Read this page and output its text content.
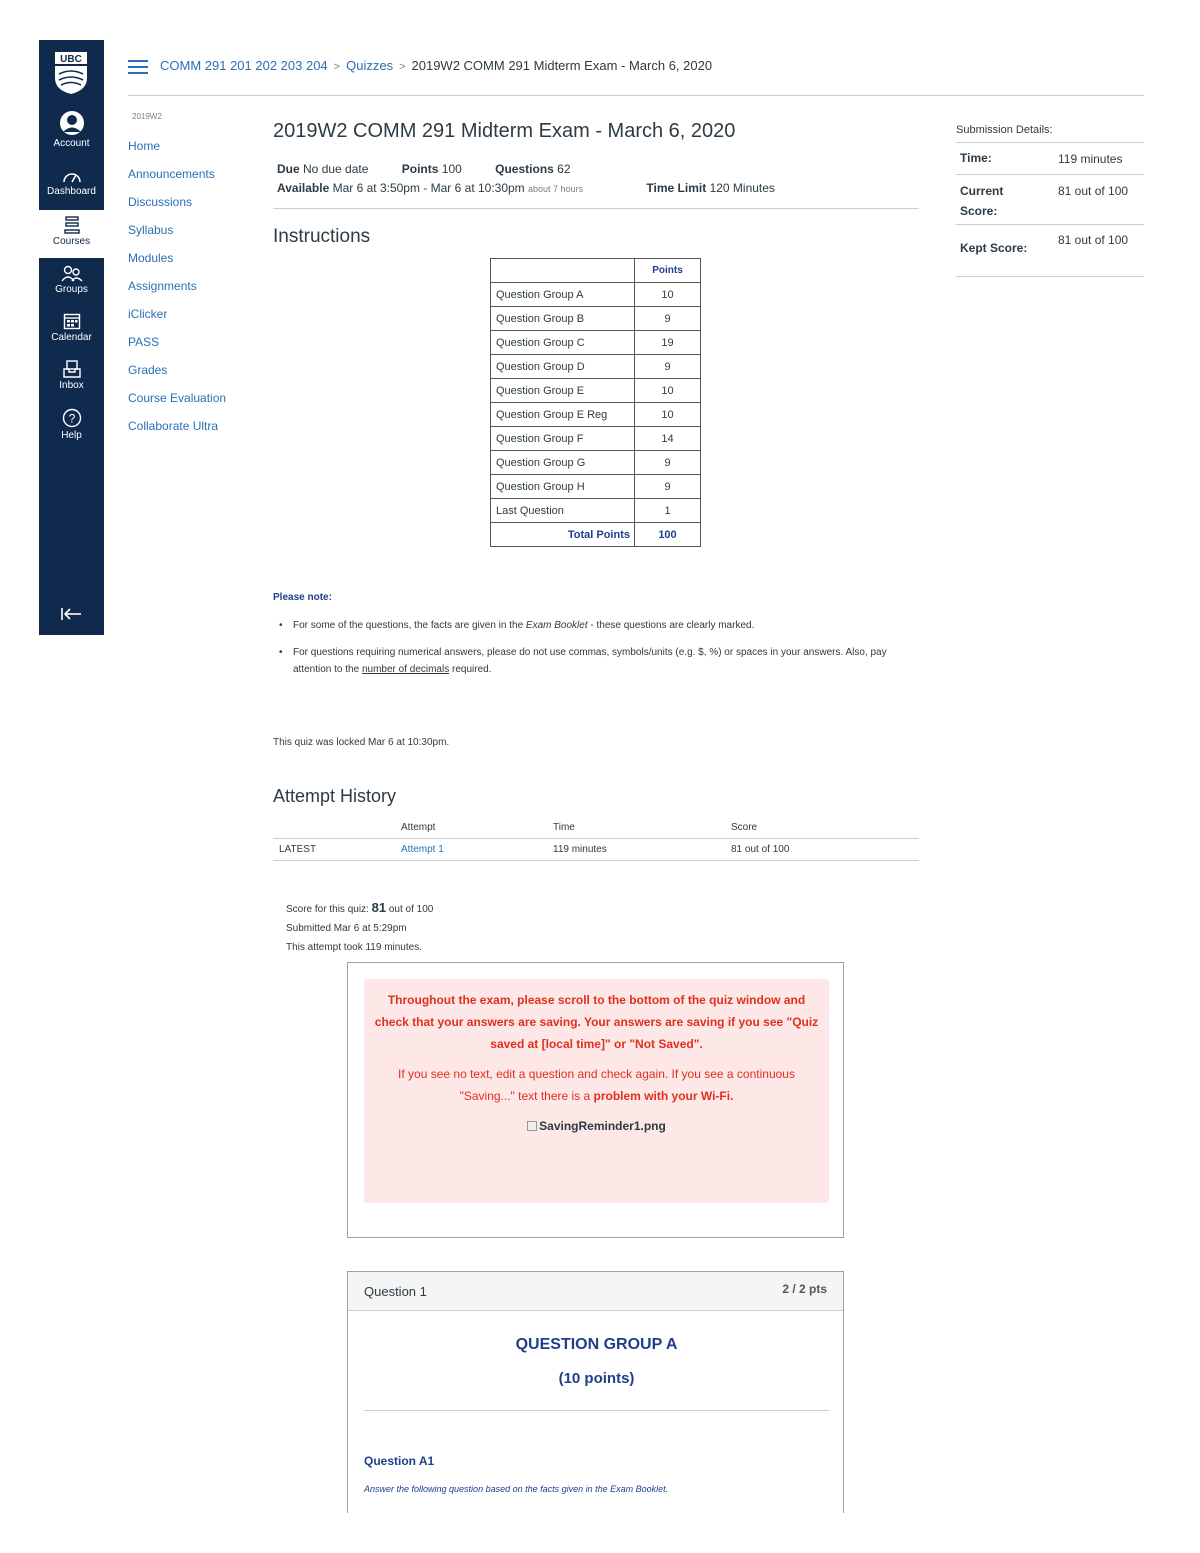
UBC
Account
Dashboard
Courses
Groups
Calendar
Inbox
?
Help
COMM 291 201 202 203 204 > Quizzes > 2019W2 COMM 291 Midterm Exam - March 6, 2020
2019W2
Home
Announcements
Discussions
Syllabus
Modules
Assignments
iClicker
PASS
Grades
Course Evaluation
Collaborate Ultra
2019W2 COMM 291 Midterm Exam - March 6, 2020
Due No due date	Points 100	Questions 62
Available Mar 6 at 3:50pm - Mar 6 at 10:30pm about 7 hours	Time Limit 120 Minutes
Instructions
	Points
Question Group A	10
Question Group B	9
Question Group C	19
Question Group D	9
Question Group E	10
Question Group E Reg	10
Question Group F	14
Question Group G	9
Question Group H	9
Last Question	1
Total Points	100
Please note:
• For some of the questions, the facts are given in the Exam Booklet - these questions are clearly marked.
• For questions requiring numerical answers, please do not use commas, symbols/units (e.g. $, %) or spaces in your answers. Also, pay attention to the number of decimals required.
This quiz was locked Mar 6 at 10:30pm.
Attempt History
	Attempt	Time	Score
LATEST	Attempt 1	119 minutes	81 out of 100
Score for this quiz: 81 out of 100
Submitted Mar 6 at 5:29pm
This attempt took 119 minutes.
Submission Details:
Time:	119 minutes
Current Score:
81 out of 100
Kept Score:
81 out of 100
Throughout the exam, please scroll to the bottom of the quiz window and check that your answers are saving. Your answers are saving if you see "Quiz saved at [local time]" or "Not Saved".
If you see no text, edit a question and check again. If you see a continuous "Saving..." text there is a problem with your Wi-Fi.
SavingReminder1.png
Question 1	2 / 2 pts
QUESTION GROUP A
(10 points)
Question A1
Answer the following question based on the facts given in the Exam Booklet.
